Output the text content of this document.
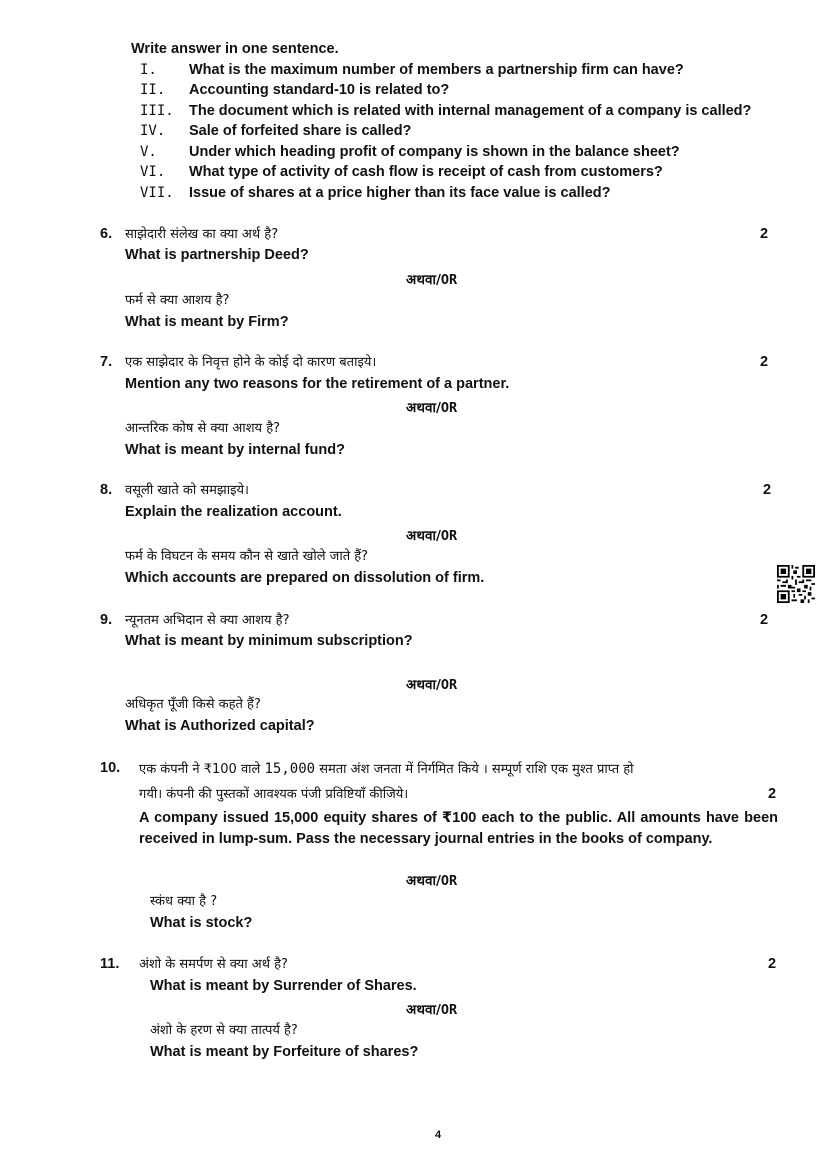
Write answer in one sentence.
I. What is the maximum number of members a partnership firm can have?
II. Accounting standard-10 is related to?
III. The document which is related with internal management of a company is called?
IV. Sale of forfeited share is called?
V. Under which heading profit of company is shown in the balance sheet?
VI. What type of activity of cash flow is receipt of cash from customers?
VII. Issue of shares at a price higher than its face value is called?
6. साझेदारी संलेख का क्या अर्थ है?	2
What is partnership Deed?
अथवा/OR
फर्म से क्या आशय है?
What is meant by Firm?
7. एक साझेदार के निवृत्त होने के कोई दो कारण बताइये।	2
Mention any two reasons for the retirement of a partner.
अथवा/OR
आन्तरिक कोष से क्या आशय है?
What is meant by internal fund?
8. वसूली खाते को समझाइये।	2
Explain the realization account.
अथवा/OR
फर्म के विघटन के समय कौन से खाते खोले जाते हैं?
Which accounts are prepared on dissolution of firm.
9. न्यूनतम अभिदान से क्या आशय है?	2
What is meant by minimum subscription?
अथवा/OR
अधिकृत पूँजी किसे कहते हैं?
What is Authorized capital?
10. एक कंपनी ने ₹100 वाले 15,000 समता अंश जनता में निर्गमित किये । सम्पूर्ण राशि एक मुश्त प्राप्त हो
गयी। कंपनी की पुस्तकों आवश्यक पंजी प्रविष्टियाँ कीजिये।	2
A company issued 15,000 equity shares of ₹100 each to the public. All amounts have been received in lump-sum. Pass the necessary journal entries in the books of company.
अथवा/OR
स्कंध क्या है ?
What is stock?
11. अंशो के समर्पण से क्या अर्थ है?	2
What is meant by Surrender of Shares.
अथवा/OR
अंशो के हरण से क्या तात्पर्य है?
What is meant by Forfeiture of shares?
4
